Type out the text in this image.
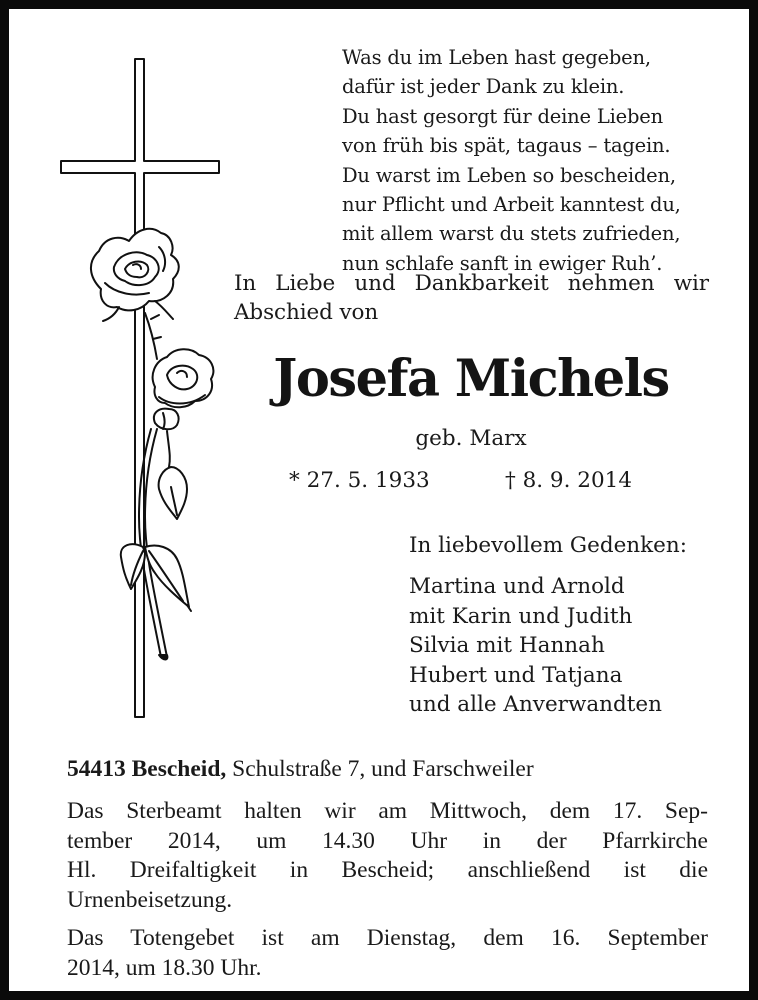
Was du im Leben hast gegeben,
dafür ist jeder Dank zu klein.
Du hast gesorgt für deine Lieben
von früh bis spät, tagaus – tagein.
Du warst im Leben so bescheiden,
nur Pflicht und Arbeit kanntest du,
mit allem warst du stets zufrieden,
nun schlafe sanft in ewiger Ruh’.
In Liebe und Dankbarkeit nehmen wir
Abschied von
Josefa Michels
geb. Marx
* 27. 5. 1933	† 8. 9. 2014
In liebevollem Gedenken:
Martina und Arnold
mit Karin und Judith
Silvia mit Hannah
Hubert und Tatjana
und alle Anverwandten
54413 Bescheid, Schulstraße 7, und Farschweiler
Das Sterbeamt halten wir am Mittwoch, dem 17. Sep-
tember 2014, um 14.30 Uhr in der Pfarrkirche
Hl. Dreifaltigkeit in Bescheid; anschließend ist die
Urnenbeisetzung.
Das Totengebet ist am Dienstag, dem 16. September
2014, um 18.30 Uhr.
